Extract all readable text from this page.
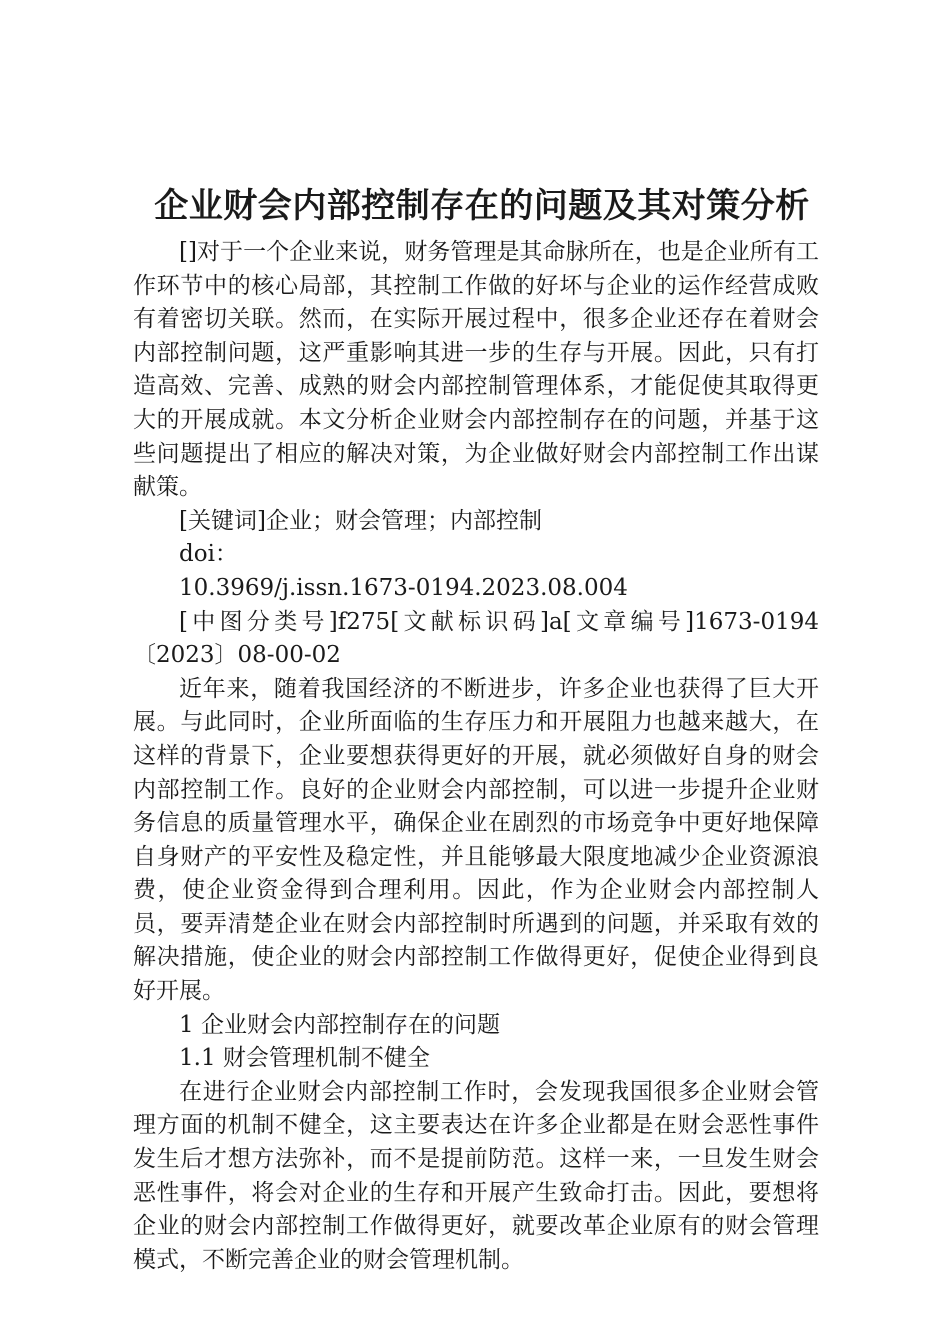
企业财会内部控制存在的问题及其对策分析

[]对于一个企业来说，财务管理是其命脉所在，也是企业所有工作环节中的核心局部，其控制工作做的好坏与企业的运作经营成败有着密切关联。然而，在实际开展过程中，很多企业还存在着财会内部控制问题，这严重影响其进一步的生存与开展。因此，只有打造高效、完善、成熟的财会内部控制管理体系，才能促使其取得更大的开展成就。本文分析企业财会内部控制存在的问题，并基于这些问题提出了相应的解决对策，为企业做好财会内部控制工作出谋献策。

[关键词]企业；财会管理；内部控制

doi：

10.3969/j.issn.1673-0194.2023.08.004

[中图分类号]f275[文献标识码]a[文章编号]1673-0194〔2023〕08-00-02

近年来，随着我国经济的不断进步，许多企业也获得了巨大开展。与此同时，企业所面临的生存压力和开展阻力也越来越大，在这样的背景下，企业要想获得更好的开展，就必须做好自身的财会内部控制工作。良好的企业财会内部控制，可以进一步提升企业财务信息的质量管理水平，确保企业在剧烈的市场竞争中更好地保障自身财产的平安性及稳定性，并且能够最大限度地减少企业资源浪费，使企业资金得到合理利用。因此，作为企业财会内部控制人员，要弄清楚企业在财会内部控制时所遇到的问题，并采取有效的解决措施，使企业的财会内部控制工作做得更好，促使企业得到良好开展。

1 企业财会内部控制存在的问题

1.1 财会管理机制不健全

在进行企业财会内部控制工作时，会发现我国很多企业财会管理方面的机制不健全，这主要表达在许多企业都是在财会恶性事件发生后才想方法弥补，而不是提前防范。这样一来，一旦发生财会恶性事件，将会对企业的生存和开展产生致命打击。因此，要想将企业的财会内部控制工作做得更好，就要改革企业原有的财会管理模式，不断完善企业的财会管理机制。
